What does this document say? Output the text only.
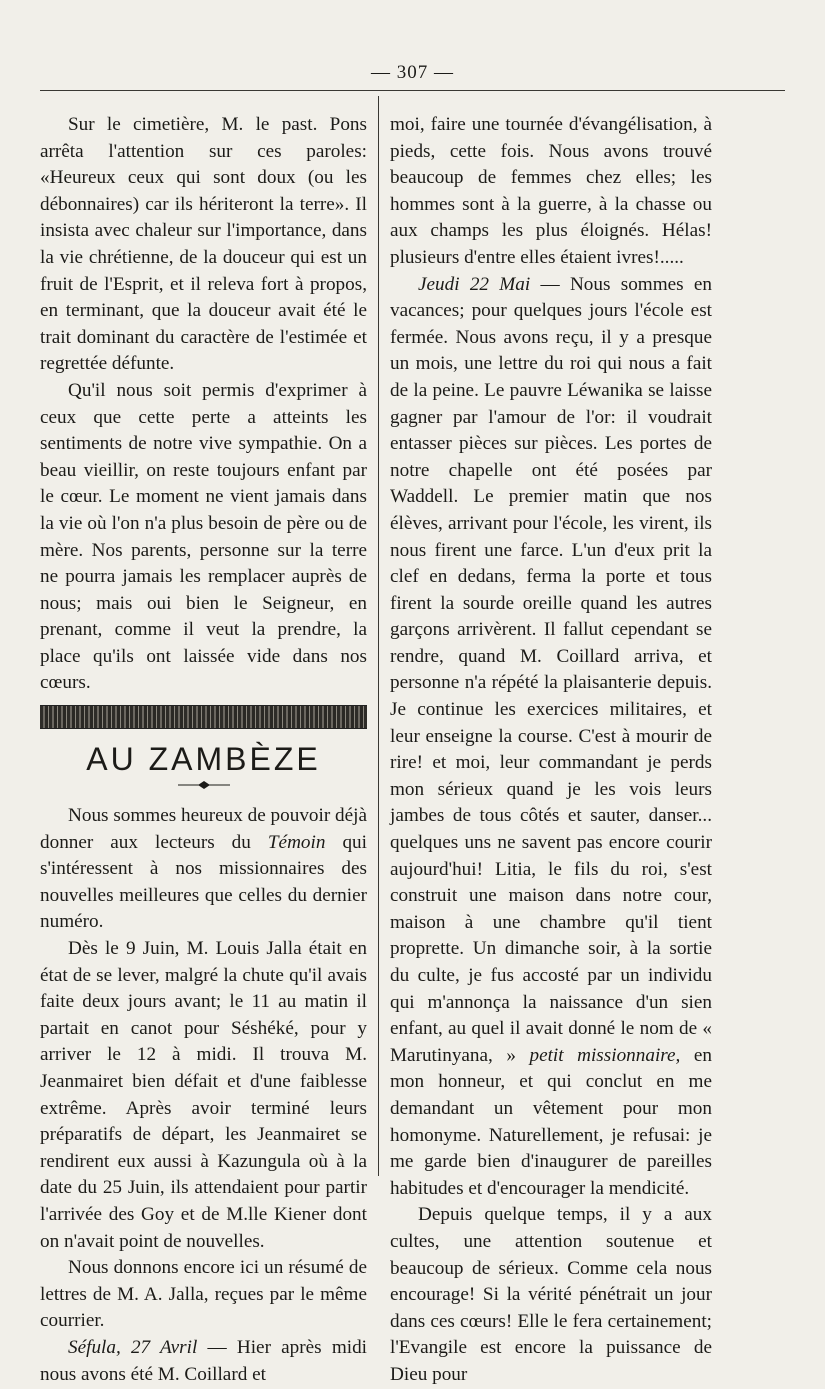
— 307 —

Sur le cimetière, M. le past. Pons arrêta l'attention sur ces paroles: «Heureux ceux qui sont doux (ou les débonnaires) car ils hériteront la terre». Il insista avec chaleur sur l'importance, dans la vie chrétienne, de la douceur qui est un fruit de l'Esprit, et il releva fort à propos, en terminant, que la douceur avait été le trait dominant du caractère de l'estimée et regrettée défunte.

Qu'il nous soit permis d'exprimer à ceux que cette perte a atteints les sentiments de notre vive sympathie. On a beau vieillir, on reste toujours enfant par le cœur. Le moment ne vient jamais dans la vie où l'on n'a plus besoin de père ou de mère. Nos parents, personne sur la terre ne pourra jamais les remplacer auprès de nous; mais oui bien le Seigneur, en prenant, comme il veut la prendre, la place qu'ils ont laissée vide dans nos cœurs.

AU ZAMBÈZE

Nous sommes heureux de pouvoir déjà donner aux lecteurs du Témoin qui s'intéressent à nos missionnaires des nouvelles meilleures que celles du dernier numéro.

Dès le 9 Juin, M. Louis Jalla était en état de se lever, malgré la chute qu'il avais faite deux jours avant; le 11 au matin il partait en canot pour Séshéké, pour y arriver le 12 à midi. Il trouva M. Jeanmairet bien défait et d'une faiblesse extrême. Après avoir terminé leurs préparatifs de départ, les Jeanmairet se rendirent eux aussi à Kazungula où à la date du 25 Juin, ils attendaient pour partir l'arrivée des Goy et de M.lle Kiener dont on n'avait point de nouvelles.

Nous donnons encore ici un résumé de lettres de M. A. Jalla, reçues par le même courrier.

Séfula, 27 Avril — Hier après midi nous avons été M. Coillard et

moi, faire une tournée d'évangélisation, à pieds, cette fois. Nous avons trouvé beaucoup de femmes chez elles; les hommes sont à la guerre, à la chasse ou aux champs les plus éloignés. Hélas! plusieurs d'entre elles étaient ivres!.....

Jeudi 22 Mai — Nous sommes en vacances; pour quelques jours l'école est fermée. Nous avons reçu, il y a presque un mois, une lettre du roi qui nous a fait de la peine. Le pauvre Léwanika se laisse gagner par l'amour de l'or: il voudrait entasser pièces sur pièces. Les portes de notre chapelle ont été posées par Waddell. Le premier matin que nos élèves, arrivant pour l'école, les virent, ils nous firent une farce. L'un d'eux prit la clef en dedans, ferma la porte et tous firent la sourde oreille quand les autres garçons arrivèrent. Il fallut cependant se rendre, quand M. Coillard arriva, et personne n'a répété la plaisanterie depuis. Je continue les exercices militaires, et leur enseigne la course. C'est à mourir de rire! et moi, leur commandant je perds mon sérieux quand je les vois leurs jambes de tous côtés et sauter, danser... quelques uns ne savent pas encore courir aujourd'hui! Litia, le fils du roi, s'est construit une maison dans notre cour, maison à une chambre qu'il tient proprette. Un dimanche soir, à la sortie du culte, je fus accosté par un individu qui m'annonça la naissance d'un sien enfant, au quel il avait donné le nom de « Marutinyana, » petit missionnaire, en mon honneur, et qui conclut en me demandant un vêtement pour mon homonyme. Naturellement, je refusai: je me garde bien d'inaugurer de pareilles habitudes et d'encourager la mendicité.

Depuis quelque temps, il y a aux cultes, une attention soutenue et beaucoup de sérieux. Comme cela nous encourage! Si la vérité pénétrait un jour dans ces cœurs! Elle le fera certainement; l'Evangile est encore la puissance de Dieu pour
